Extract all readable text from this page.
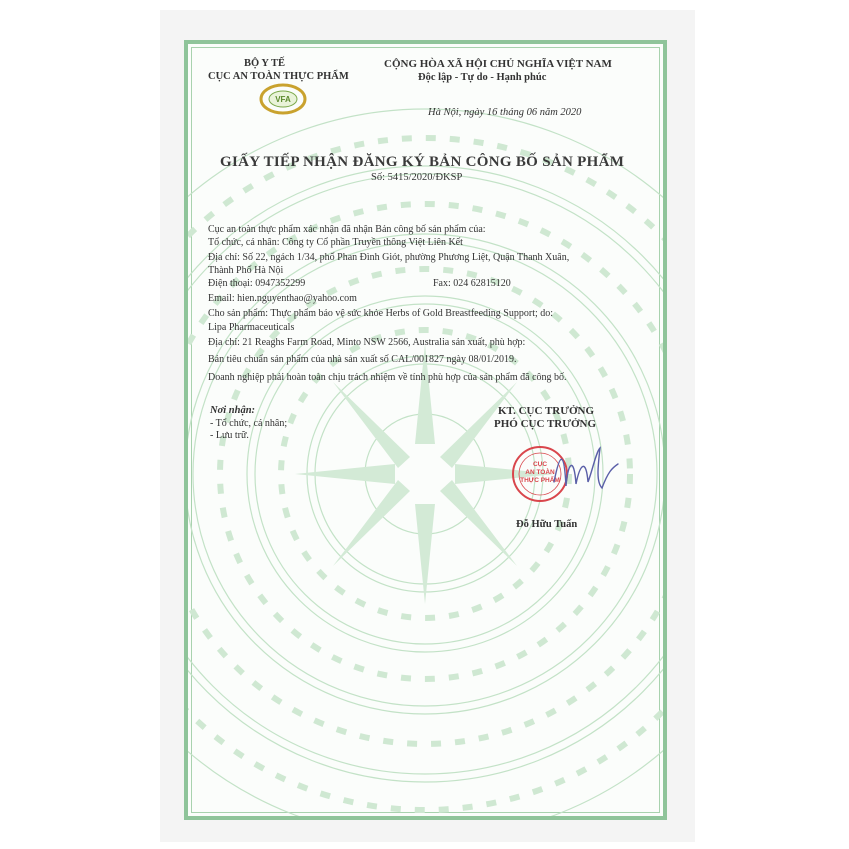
BỘ Y TẾ
CỤC AN TOÀN THỰC PHẨM
VFA
CỘNG HÒA XÃ HỘI CHỦ NGHĨA VIỆT NAM
Độc lập - Tự do - Hạnh phúc
Hà Nội, ngày 16 tháng 06 năm 2020
GIẤY TIẾP NHẬN ĐĂNG KÝ BẢN CÔNG BỐ SẢN PHẨM
Số: 5415/2020/ĐKSP
Cục an toàn thực phẩm xác nhận đã nhận Bản công bố sản phẩm của:
Tổ chức, cá nhân: Công ty Cổ phần Truyền thông Việt Liên Kết
Địa chỉ: Số 22, ngách 1/34, phố Phan Đình Giót, phường Phương Liệt, Quận Thanh Xuân,
Thành Phố Hà Nội
Điện thoại: 0947352299	Fax: 024 62815120
Email: hien.nguyenthao@yahoo.com
Cho sản phẩm: Thực phẩm bảo vệ sức khỏe Herbs of Gold Breastfeeding Support; do:
Lipa Pharmaceuticals
Địa chỉ: 21 Reaghs Farm Road, Minto NSW 2566, Australia sản xuất, phù hợp:
Bản tiêu chuẩn sản phẩm của nhà sản xuất số CAL/001827 ngày 08/01/2019.
Doanh nghiệp phải hoàn toàn chịu trách nhiệm về tính phù hợp của sản phẩm đã công bố.
Nơi nhận:
- Tổ chức, cá nhân;
- Lưu trữ.
KT. CỤC TRƯỞNG
PHÓ CỤC TRƯỞNG
CỤC
AN TOÀN
THỰC PHẨM
Đỗ Hữu Tuấn
